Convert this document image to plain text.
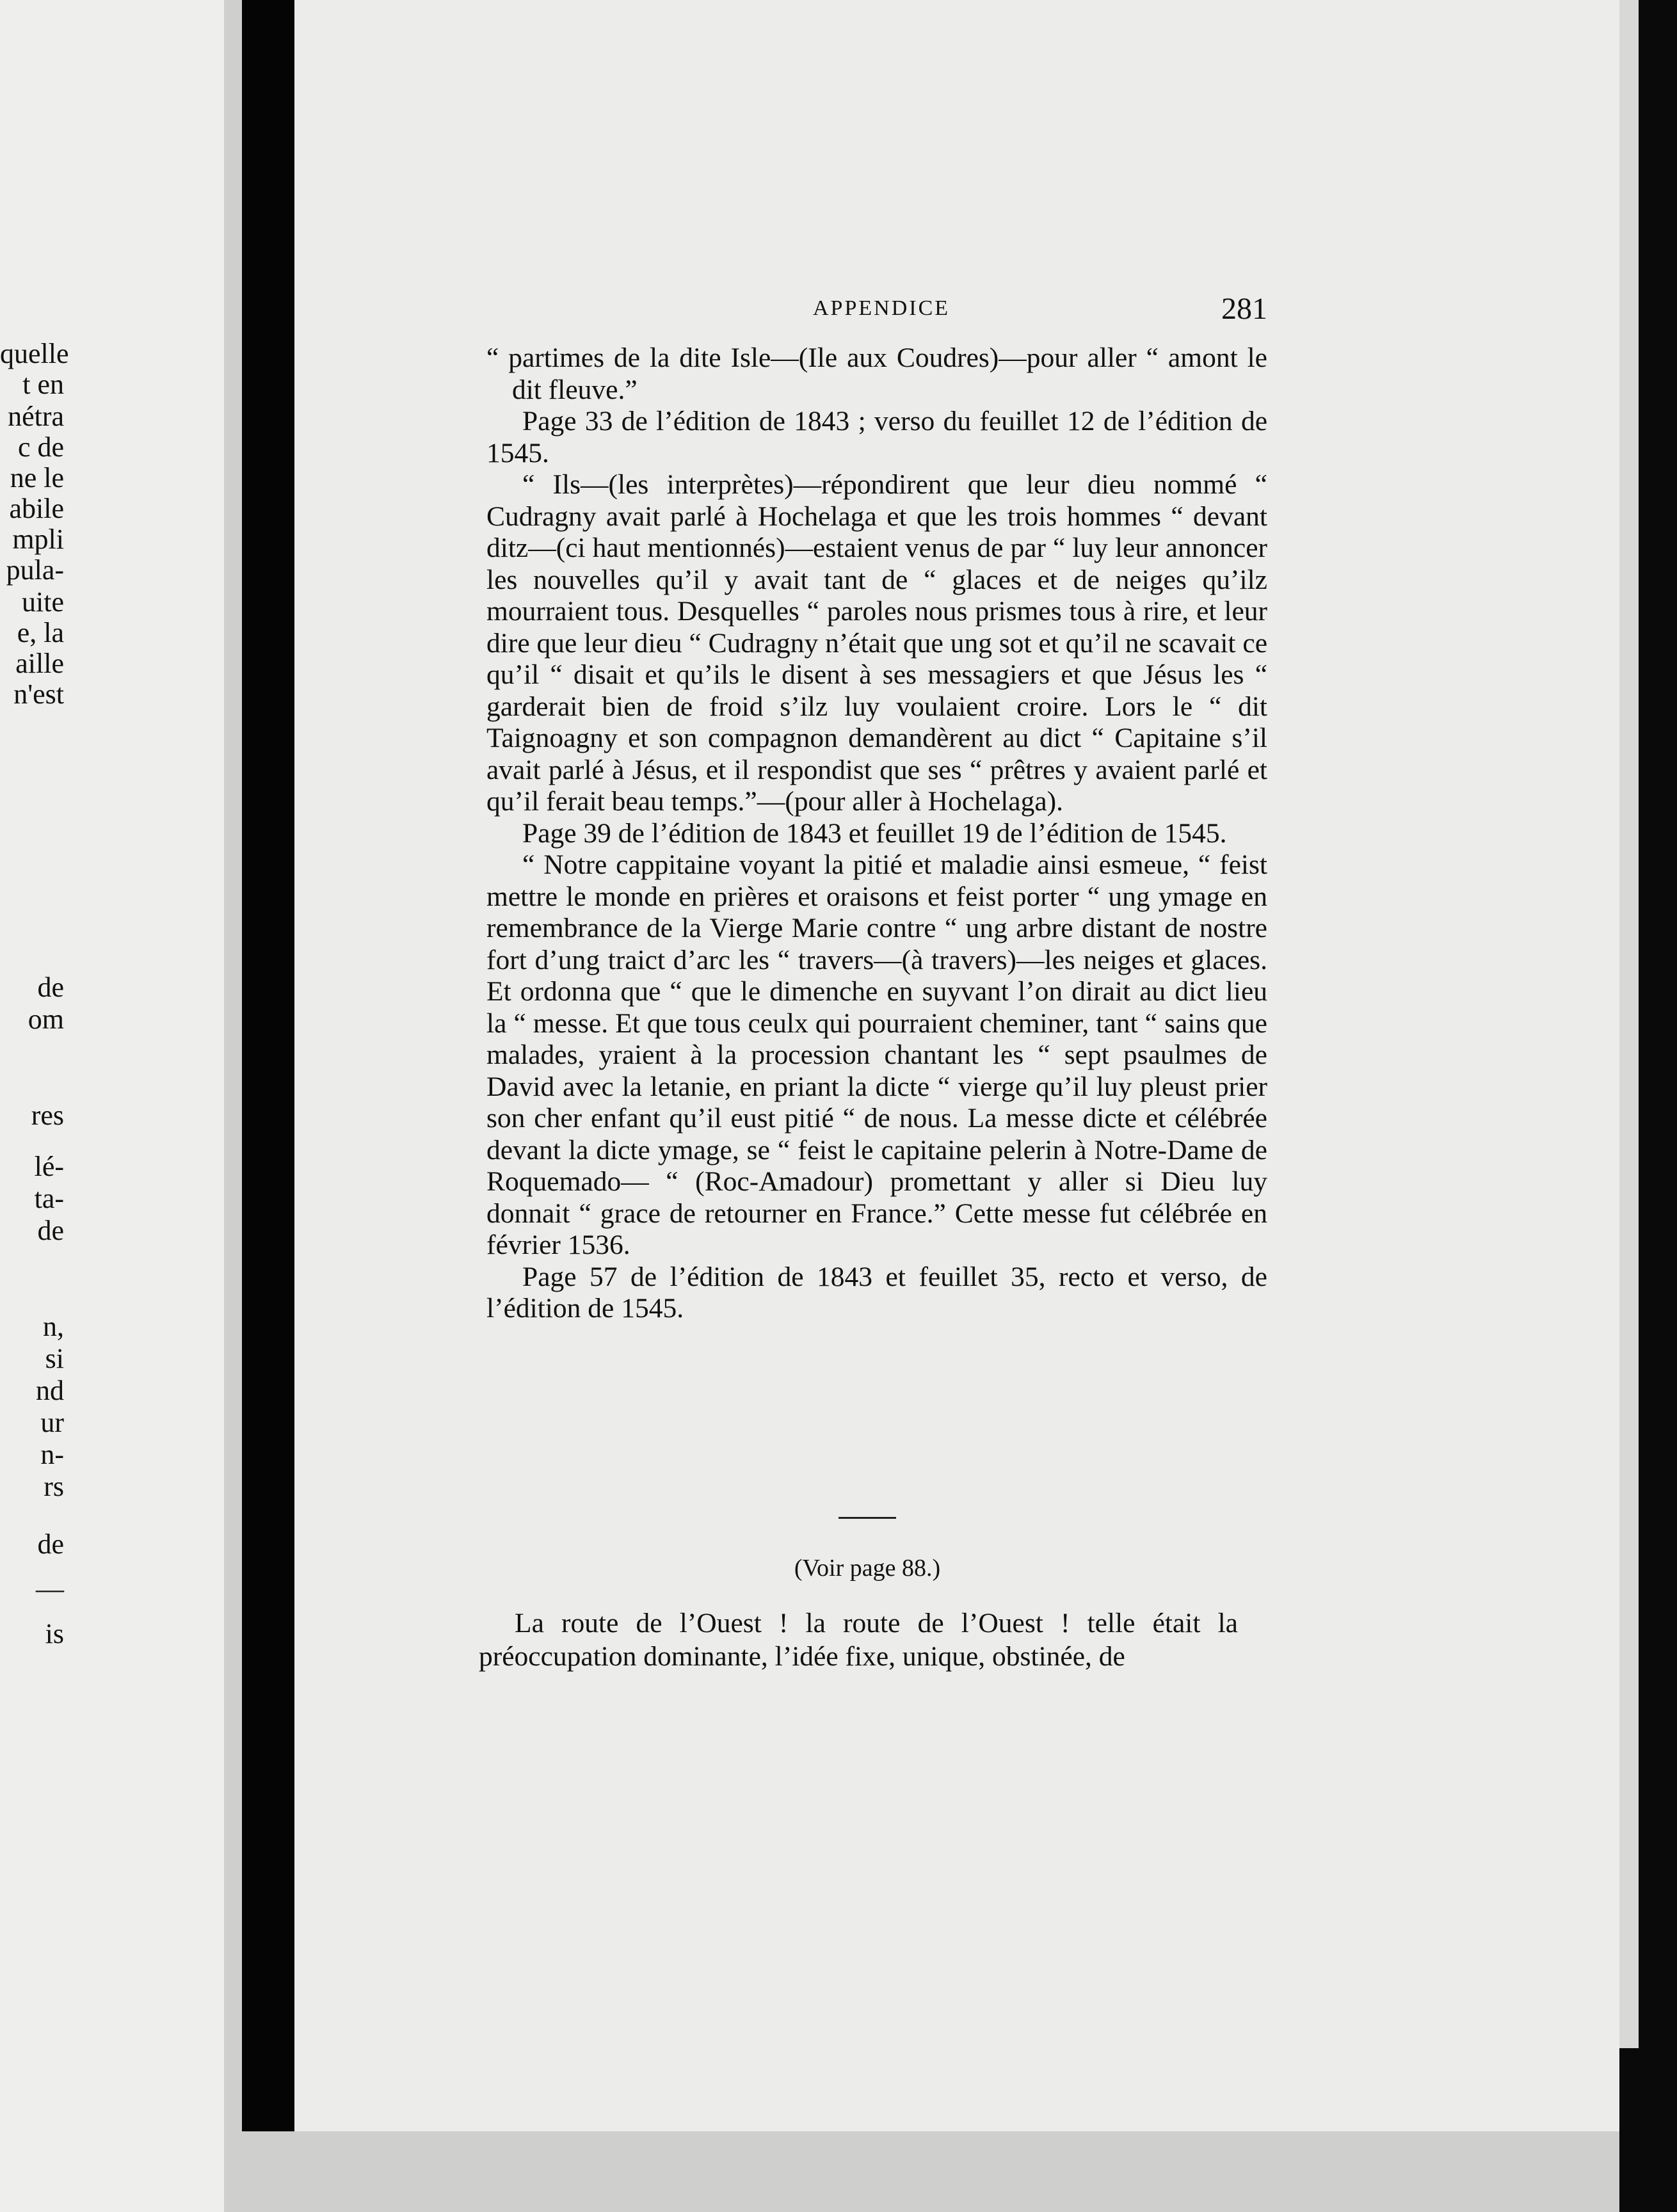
quelle
t en
nétra
c de
ne le
abile
mpli
pula-
uite
e, la
aille
n'est
de
om
res
lé-
ta-
de
n,
si
nd
ur
n-
rs
de
—
is
APPENDICE	281

“ partimes de la dite Isle—(Ile aux Coudres)—pour aller “ amont le dit fleuve.”

Page 33 de l’édition de 1843 ; verso du feuillet 12 de l’édition de 1545.

“ Ils—(les interprètes)—répondirent que leur dieu nommé “ Cudragny avait parlé à Hochelaga et que les trois hommes “ devant ditz—(ci haut mentionnés)—estaient venus de par “ luy leur annoncer les nouvelles qu’il y avait tant de “ glaces et de neiges qu’ilz mourraient tous. Desquelles “ paroles nous prismes tous à rire, et leur dire que leur dieu “ Cudragny n’était que ung sot et qu’il ne scavait ce qu’il “ disait et qu’ils le disent à ses messagiers et que Jésus les “ garderait bien de froid s’ilz luy voulaient croire. Lors le “ dit Taignoagny et son compagnon demandèrent au dict “ Capitaine s’il avait parlé à Jésus, et il respondist que ses “ prêtres y avaient parlé et qu’il ferait beau temps.”—(pour aller à Hochelaga).

Page 39 de l’édition de 1843 et feuillet 19 de l’édition de 1545.

“ Notre cappitaine voyant la pitié et maladie ainsi esmeue, “ feist mettre le monde en prières et oraisons et feist porter “ ung ymage en remembrance de la Vierge Marie contre “ ung arbre distant de nostre fort d’ung traict d’arc les “ travers—(à travers)—les neiges et glaces. Et ordonna que “ que le dimenche en suyvant l’on dirait au dict lieu la “ messe. Et que tous ceulx qui pourraient cheminer, tant “ sains que malades, yraient à la procession chantant les “ sept psaulmes de David avec la letanie, en priant la dicte “ vierge qu’il luy pleust prier son cher enfant qu’il eust pitié “ de nous. La messe dicte et célébrée devant la dicte ymage, se “ feist le capitaine pelerin à Notre-Dame de Roquemado— “ (Roc-Amadour) promettant y aller si Dieu luy donnait “ grace de retourner en France.” Cette messe fut célébrée en février 1536.

Page 57 de l’édition de 1843 et feuillet 35, recto et verso, de l’édition de 1545.

(Voir page 88.)

La route de l’Ouest ! la route de l’Ouest ! telle était la préoccupation dominante, l’idée fixe, unique, obstinée, de
